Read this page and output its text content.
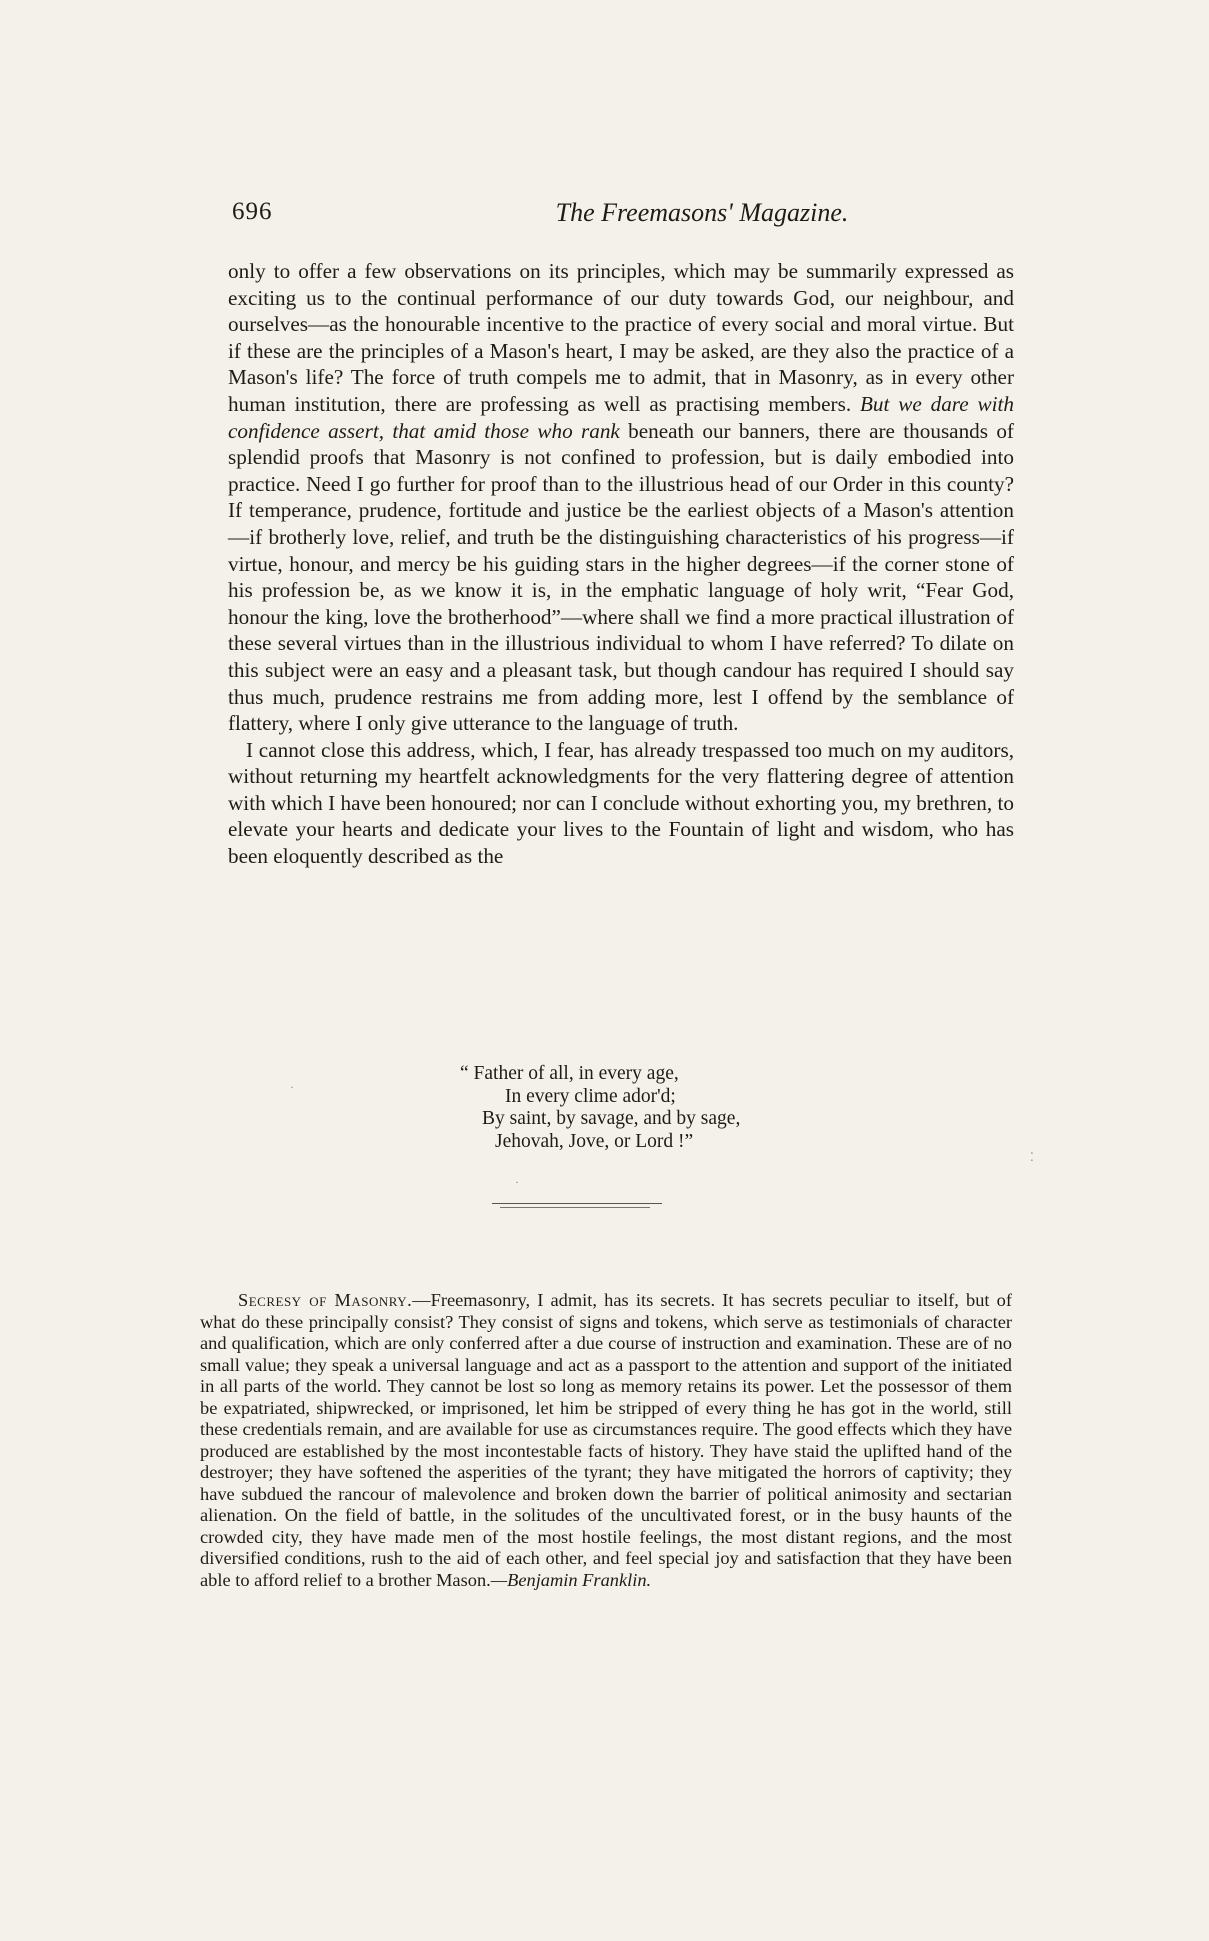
696	The Freemasons' Magazine.

only to offer a few observations on its principles, which may be summarily expressed as exciting us to the continual performance of our duty towards God, our neighbour, and ourselves—as the honourable incentive to the practice of every social and moral virtue. But if these are the principles of a Mason's heart, I may be asked, are they also the practice of a Mason's life? The force of truth compels me to admit, that in Masonry, as in every other human institution, there are professing as well as practising members. But we dare with confidence assert, that amid those who rank beneath our banners, there are thousands of splendid proofs that Masonry is not confined to profession, but is daily embodied into practice. Need I go further for proof than to the illustrious head of our Order in this county? If temperance, prudence, fortitude and justice be the earliest objects of a Mason's attention—if brotherly love, relief, and truth be the distinguishing characteristics of his progress—if virtue, honour, and mercy be his guiding stars in the higher degrees—if the corner stone of his profession be, as we know it is, in the emphatic language of holy writ, “Fear God, honour the king, love the brotherhood”—where shall we find a more practical illustration of these several virtues than in the illustrious individual to whom I have referred? To dilate on this subject were an easy and a pleasant task, but though candour has required I should say thus much, prudence restrains me from adding more, lest I offend by the semblance of flattery, where I only give utterance to the language of truth.

I cannot close this address, which, I fear, has already trespassed too much on my auditors, without returning my heartfelt acknowledgments for the very flattering degree of attention with which I have been honoured; nor can I conclude without exhorting you, my brethren, to elevate your hearts and dedicate your lives to the Fountain of light and wisdom, who has been eloquently described as the

“ Father of all, in every age,
In every clime ador'd;
By saint, by savage, and by sage,
Jehovah, Jove, or Lord !”
Secresy of Masonry.—Freemasonry, I admit, has its secrets. It has secrets peculiar to itself, but of what do these principally consist? They consist of signs and tokens, which serve as testimonials of character and qualification, which are only conferred after a due course of instruction and examination. These are of no small value; they speak a universal language and act as a passport to the attention and support of the initiated in all parts of the world. They cannot be lost so long as memory retains its power. Let the possessor of them be expatriated, shipwrecked, or imprisoned, let him be stripped of every thing he has got in the world, still these credentials remain, and are available for use as circumstances require. The good effects which they have produced are established by the most incontestable facts of history. They have staid the uplifted hand of the destroyer; they have softened the asperities of the tyrant; they have mitigated the horrors of captivity; they have subdued the rancour of malevolence and broken down the barrier of political animosity and sectarian alienation. On the field of battle, in the solitudes of the uncultivated forest, or in the busy haunts of the crowded city, they have made men of the most hostile feelings, the most distant regions, and the most diversified conditions, rush to the aid of each other, and feel special joy and satisfaction that they have been able to afford relief to a brother Mason.—Benjamin Franklin.
·
⁚
·
